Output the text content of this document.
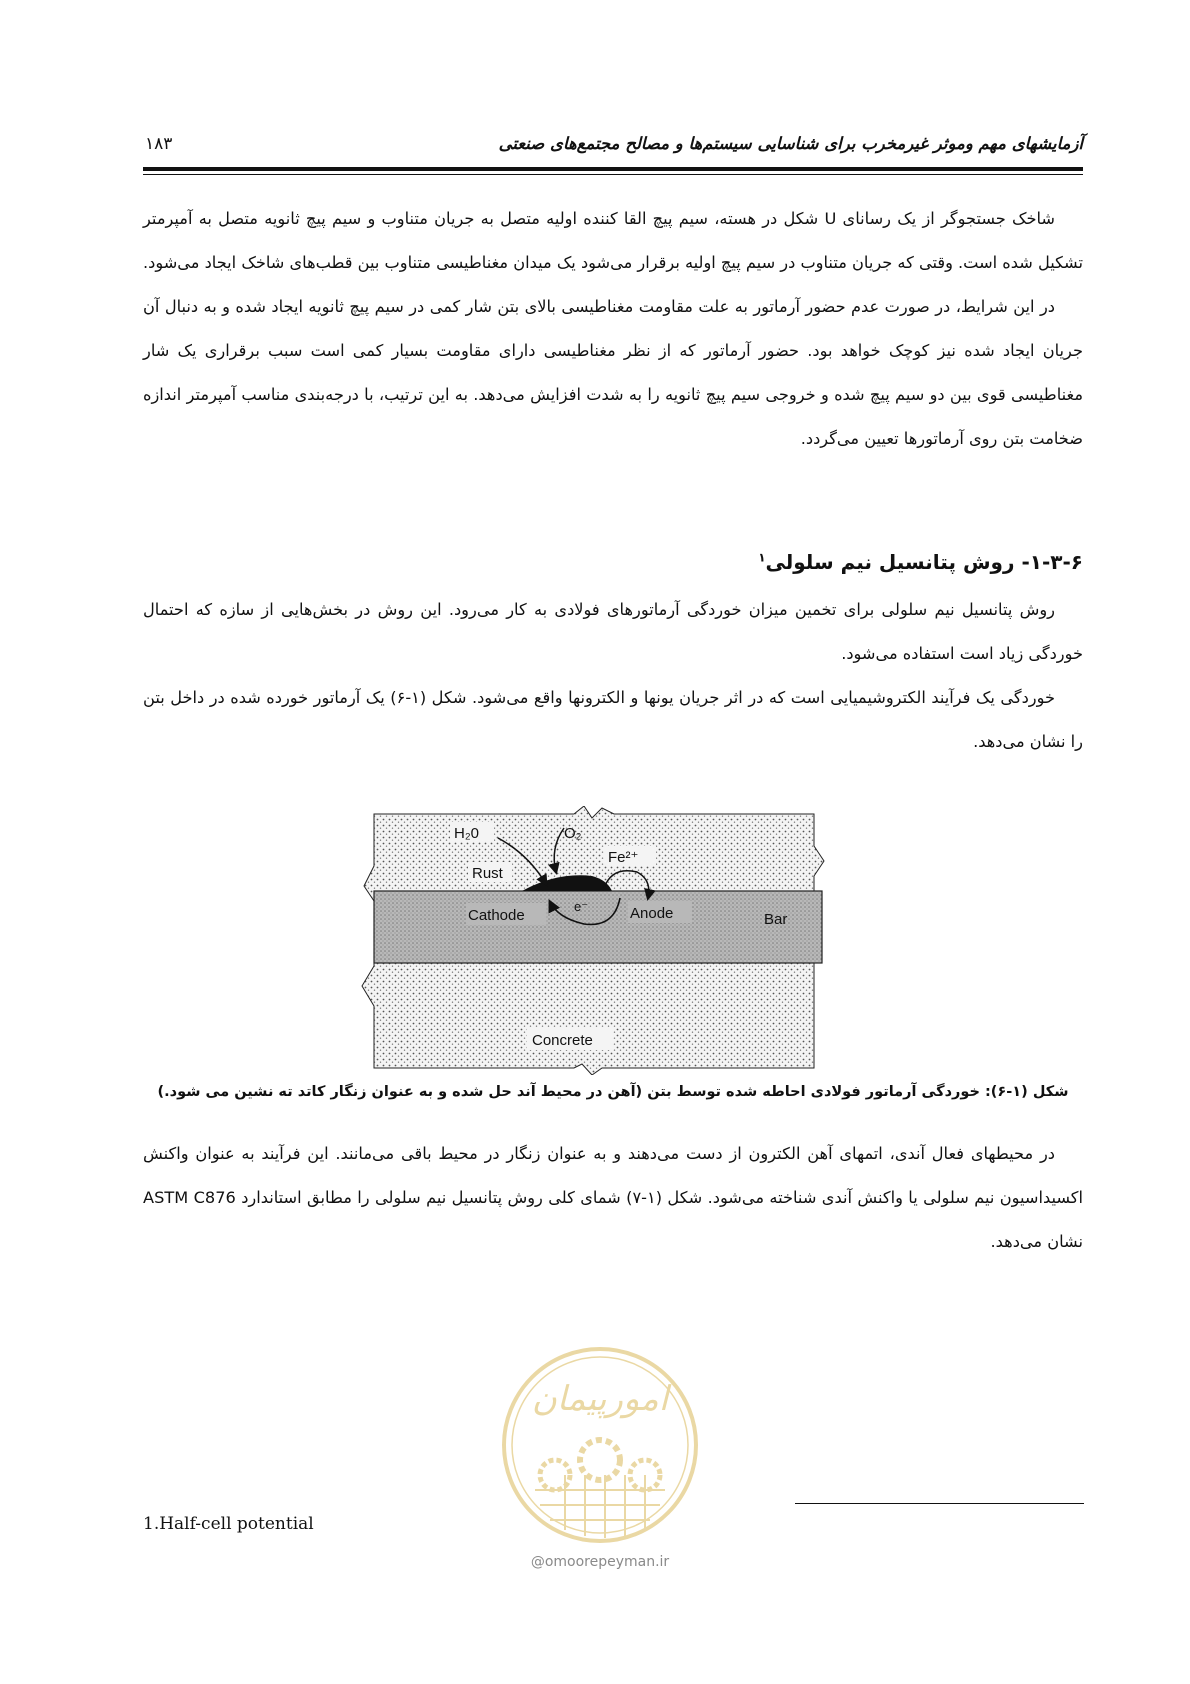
آزمایشهای مهم وموثر غیرمخرب برای شناسایی سیستم‌ها و مصالح مجتمع‌های صنعتی
۱۸۳

شاخک جستجوگر از یک رسانای U شکل در هسته، سیم پیچ القا کننده اولیه متصل به جریان متناوب و سیم پیچ ثانویه متصل به آمپرمتر تشکیل شده است. وقتی که جریان متناوب در سیم پیچ اولیه برقرار می‌شود یک میدان مغناطیسی متناوب بین قطب‌های شاخک ایجاد می‌شود.

در این شرایط، در صورت عدم حضور آرماتور به علت مقاومت مغناطیسی بالای بتن شار کمی در سیم پیچ ثانویه ایجاد شده و به دنبال آن جریان ایجاد شده نیز کوچک خواهد بود. حضور آرماتور که از نظر مغناطیسی دارای مقاومت بسیار کمی است سبب برقراری یک شار مغناطیسی قوی بین دو سیم پیچ شده و خروجی سیم پیچ ثانویه را به شدت افزایش می‌دهد. به این ترتیب، با درجه‌بندی مناسب آمپرمتر اندازه ضخامت بتن روی آرماتورها تعیین می‌گردد.

۱-۳-۶- روش پتانسیل نیم سلولی$^۱$

روش پتانسیل نیم سلولی برای تخمین میزان خوردگی آرماتورهای فولادی به کار می‌رود. این روش در بخش‌هایی از سازه که احتمال خوردگی زیاد است استفاده می‌شود.

خوردگی یک فرآیند الکتروشیمیایی است که در اثر جریان یونها و الکترونها واقع می‌شود. شکل (۱-۶) یک آرماتور خورده شده در داخل بتن را نشان می‌دهد.

H₂0	O₂
Fe²⁺
Rust
Cathode
e⁻	Anode	Bar
Concrete
شکل (۱-۶): خوردگی آرماتور فولادی احاطه شده توسط بتن (آهن در محیط آند حل شده و به عنوان زنگار کاتد ته نشین می شود.)

در محیطهای فعال آندی، اتمهای آهن الکترون از دست می‌دهند و به عنوان زنگار در محیط باقی می‌مانند. این فرآیند به عنوان واکنش اکسیداسیون نیم سلولی یا واکنش آندی شناخته می‌شود. شکل (۱-۷) شمای کلی روش پتانسیل نیم سلولی را مطابق استاندارد ASTM C876 نشان می‌دهد.

امورپیمان
@omoorepeyman.ir
1.Half-cell potential
